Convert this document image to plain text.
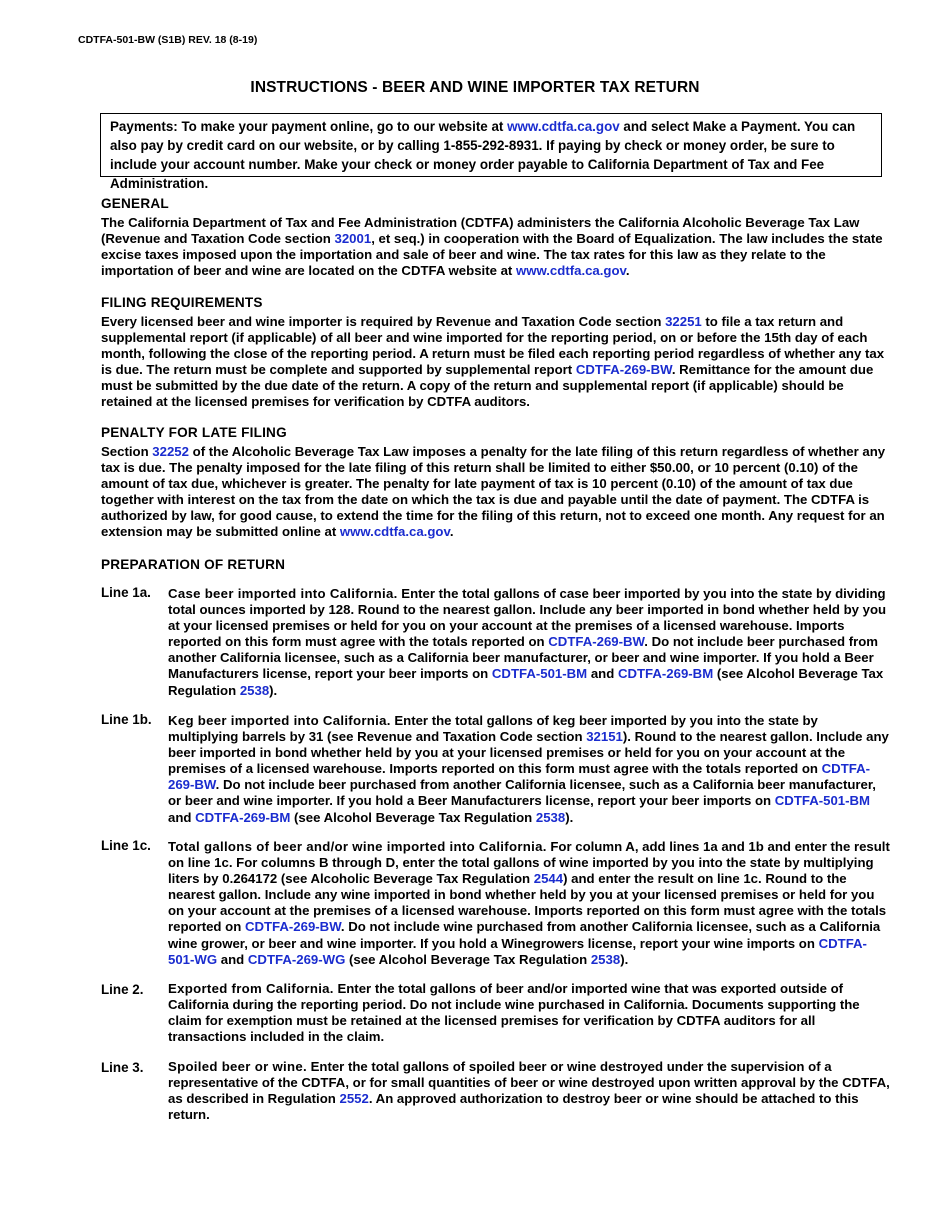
CDTFA-501-BW (S1B) REV. 18 (8-19)
INSTRUCTIONS - BEER AND WINE IMPORTER TAX RETURN
Payments: To make your payment online, go to our website at www.cdtfa.ca.gov and select Make a Payment. You can also pay by credit card on our website, or by calling 1-855-292-8931. If paying by check or money order, be sure to include your account number. Make your check or money order payable to California Department of Tax and Fee Administration.
GENERAL

The California Department of Tax and Fee Administration (CDTFA) administers the California Alcoholic Beverage Tax Law (Revenue and Taxation Code section 32001, et seq.) in cooperation with the Board of Equalization. The law includes the state excise taxes imposed upon the importation and sale of beer and wine. The tax rates for this law as they relate to the importation of beer and wine are located on the CDTFA website at www.cdtfa.ca.gov.

FILING REQUIREMENTS

Every licensed beer and wine importer is required by Revenue and Taxation Code section 32251 to file a tax return and supplemental report (if applicable) of all beer and wine imported for the reporting period, on or before the 15th day of each month, following the close of the reporting period. A return must be filed each reporting period regardless of whether any tax is due. The return must be complete and supported by supplemental report CDTFA-269-BW. Remittance for the amount due must be submitted by the due date of the return. A copy of the return and supplemental report (if applicable) should be retained at the licensed premises for verification by CDTFA auditors.

PENALTY FOR LATE FILING

Section 32252 of the Alcoholic Beverage Tax Law imposes a penalty for the late filing of this return regardless of whether any tax is due. The penalty imposed for the late filing of this return shall be limited to either $50.00, or 10 percent (0.10) of the amount of tax due, whichever is greater. The penalty for late payment of tax is 10 percent (0.10) of the amount of tax due together with interest on the tax from the date on which the tax is due and payable until the date of payment. The CDTFA is authorized by law, for good cause, to extend the time for the filing of this return, not to exceed one month. Any request for an extension may be submitted online at www.cdtfa.ca.gov.

PREPARATION OF RETURN
Line 1a. Case beer imported into California. Enter the total gallons of case beer imported by you into the state by dividing total ounces imported by 128. Round to the nearest gallon. Include any beer imported in bond whether held by you at your licensed premises or held for you on your account at the premises of a licensed warehouse. Imports reported on this form must agree with the totals reported on CDTFA-269-BW. Do not include beer purchased from another California licensee, such as a California beer manufacturer, or beer and wine importer. If you hold a Beer Manufacturers license, report your beer imports on CDTFA-501-BM and CDTFA-269-BM (see Alcohol Beverage Tax Regulation 2538).
Line 1b. Keg beer imported into California. Enter the total gallons of keg beer imported by you into the state by multiplying barrels by 31 (see Revenue and Taxation Code section 32151). Round to the nearest gallon. Include any beer imported in bond whether held by you at your licensed premises or held for you on your account at the premises of a licensed warehouse. Imports reported on this form must agree with the totals reported on CDTFA-269-BW. Do not include beer purchased from another California licensee, such as a California beer manufacturer, or beer and wine importer. If you hold a Beer Manufacturers license, report your beer imports on CDTFA-501-BM and CDTFA-269-BM (see Alcohol Beverage Tax Regulation 2538).
Line 1c. Total gallons of beer and/or wine imported into California. For column A, add lines 1a and 1b and enter the result on line 1c. For columns B through D, enter the total gallons of wine imported by you into the state by multiplying liters by 0.264172 (see Alcoholic Beverage Tax Regulation 2544) and enter the result on line 1c. Round to the nearest gallon. Include any wine imported in bond whether held by you at your licensed premises or held for you on your account at the premises of a licensed warehouse. Imports reported on this form must agree with the totals reported on CDTFA-269-BW. Do not include wine purchased from another California licensee, such as a California wine grower, or beer and wine importer. If you hold a Winegrowers license, report your wine imports on CDTFA-501-WG and CDTFA-269-WG (see Alcohol Beverage Tax Regulation 2538).
Line 2. Exported from California. Enter the total gallons of beer and/or imported wine that was exported outside of California during the reporting period. Do not include wine purchased in California. Documents supporting the claim for exemption must be retained at the licensed premises for verification by CDTFA auditors for all transactions included in the claim.
Line 3. Spoiled beer or wine. Enter the total gallons of spoiled beer or wine destroyed under the supervision of a representative of the CDTFA, or for small quantities of beer or wine destroyed upon written approval by the CDTFA, as described in Regulation 2552. An approved authorization to destroy beer or wine should be attached to this return.
